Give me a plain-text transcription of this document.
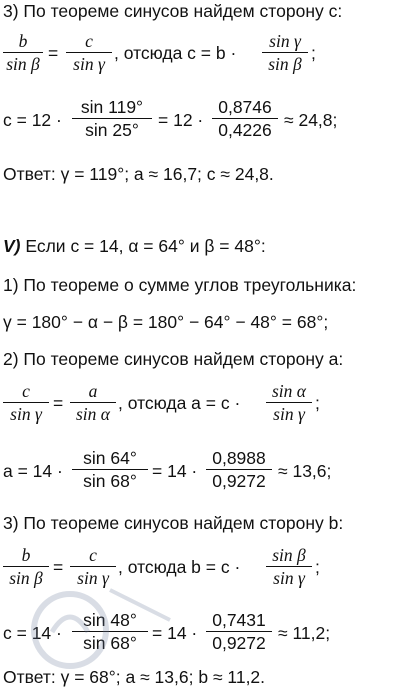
3) По теореме синусов найдем сторону c:
b
sin β
=
c
sin γ
, отсюда c = b ·
sin γ
sin β
;
c = 12 ·
sin 119°
sin 25°	= 12 ·
0,8746
0,4226 ≈ 24,8;
Ответ: γ = 119°; a ≈ 16,7; c ≈ 24,8.
V) Если c = 14, α = 64° и β = 48°:
1) По теореме о сумме углов треугольника:
γ = 180° − α − β = 180° − 64° − 48° = 68°;
2) По теореме синусов найдем сторону a:
c
sin γ
=
a
sin α
, отсюда a = c ·
sin α
sin γ
;
a = 14 ·
sin 64°
sin 68° = 14 ·
0,8988
0,9272 ≈ 13,6;
3) По теореме синусов найдем сторону b:
b
sin β
=
c
sin γ
, отсюда b = c ·
sin β
sin γ
;
c = 14 ·
sin 48°
sin 68° = 14 ·
0,7431
0,9272 ≈ 11,2;
Ответ: γ = 68°; a ≈ 13,6; b ≈ 11,2.
